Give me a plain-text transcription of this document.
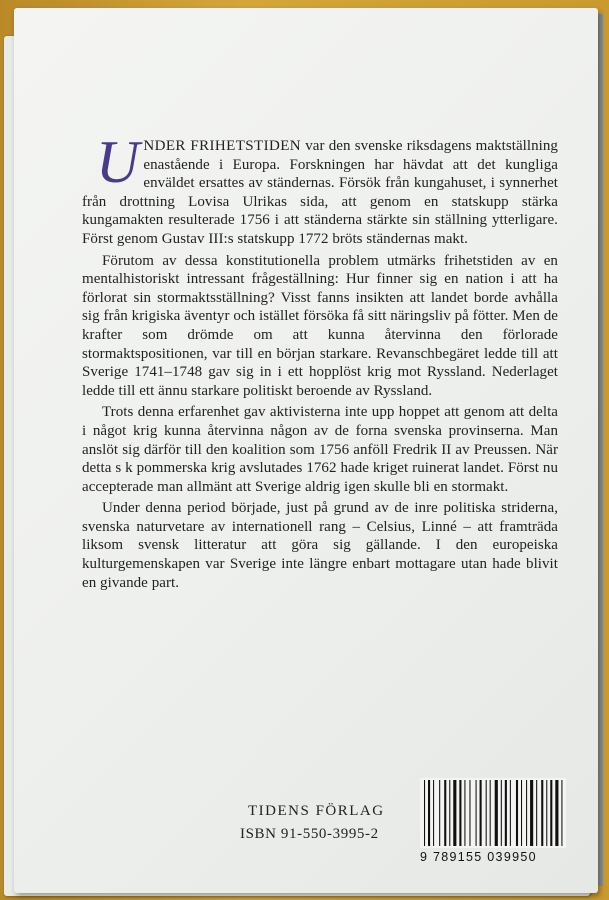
UNDER FRIHETSTIDEN var den svenske riksdagens maktställning enastående i Europa. Forskningen har hävdat att det kungliga enväldet ersattes av ständernas. Försök från kungahuset, i synnerhet från drottning Lovisa Ulrikas sida, att genom en statskupp stärka kungamakten resulterade 1756 i att ständerna stärkte sin ställning ytterligare. Först genom Gustav III:s statskupp 1772 bröts ständernas makt.

Förutom av dessa konstitutionella problem utmärks frihetstiden av en mentalhistoriskt intressant frågeställning: Hur finner sig en nation i att ha förlorat sin stormaktsställning? Visst fanns insikten att landet borde avhålla sig från krigiska äventyr och istället försöka få sitt näringsliv på fötter. Men de krafter som drömde om att kunna återvinna den förlorade stormaktspositionen, var till en början starkare. Revanschbegäret ledde till att Sverige 1741–1748 gav sig in i ett hopplöst krig mot Ryssland. Nederlaget ledde till ett ännu starkare politiskt beroende av Ryssland.

Trots denna erfarenhet gav aktivisterna inte upp hoppet att genom att delta i något krig kunna återvinna någon av de forna svenska provinserna. Man anslöt sig därför till den koalition som 1756 anföll Fredrik II av Preussen. När detta s k pommerska krig avslutades 1762 hade kriget ruinerat landet. Först nu accepterade man allmänt att Sverige aldrig igen skulle bli en stormakt.

Under denna period började, just på grund av de inre politiska striderna, svenska naturvetare av internationell rang – Celsius, Linné – att framträda liksom svensk litteratur att göra sig gällande. I den europeiska kulturgemenskapen var Sverige inte längre enbart mottagare utan hade blivit en givande part.

TIDENS FÖRLAG
ISBN 91-550-3995-2
9 789155 039950
